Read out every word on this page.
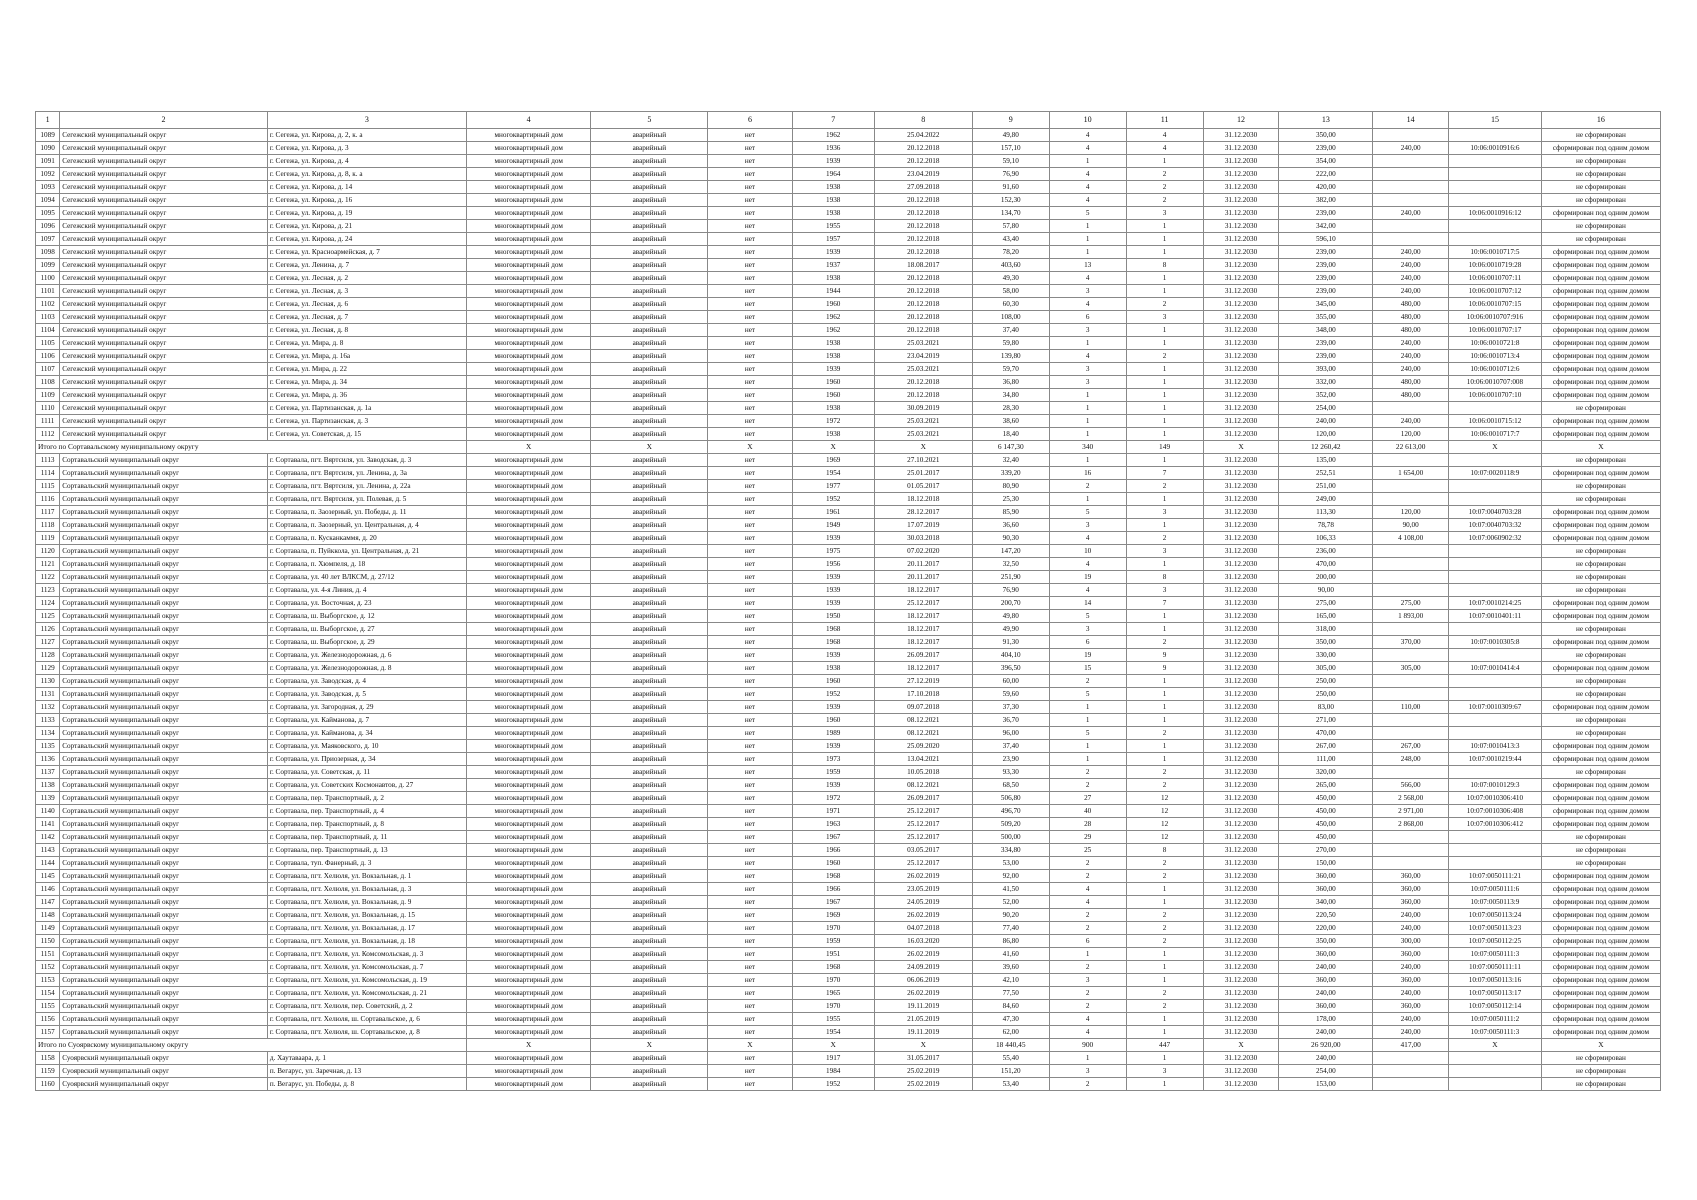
1	2	3	4	5	6	7	8	9	10	11	12	13	14	15	16
1089	Сегежский муниципальный округ	г. Сегежа, ул. Кирова, д. 2, к. а	многоквартирный дом	аварийный	нет	1962	25.04.2022	49,80	4	4	31.12.2030	350,00			не сформирован
1090	Сегежский муниципальный округ	г. Сегежа, ул. Кирова, д. 3	многоквартирный дом	аварийный	нет	1936	20.12.2018	157,10	4	4	31.12.2030	239,00	240,00	10:06:0010916:6	сформирован под одним домом
1091	Сегежский муниципальный округ	г. Сегежа, ул. Кирова, д. 4	многоквартирный дом	аварийный	нет	1939	20.12.2018	59,10	1	1	31.12.2030	354,00			не сформирован
1092	Сегежский муниципальный округ	г. Сегежа, ул. Кирова, д. 8, к. а	многоквартирный дом	аварийный	нет	1964	23.04.2019	76,90	4	2	31.12.2030	222,00			не сформирован
1093	Сегежский муниципальный округ	г. Сегежа, ул. Кирова, д. 14	многоквартирный дом	аварийный	нет	1938	27.09.2018	91,60	4	2	31.12.2030	420,00			не сформирован
1094	Сегежский муниципальный округ	г. Сегежа, ул. Кирова, д. 16	многоквартирный дом	аварийный	нет	1938	20.12.2018	152,30	4	2	31.12.2030	382,00			не сформирован
1095	Сегежский муниципальный округ	г. Сегежа, ул. Кирова, д. 19	многоквартирный дом	аварийный	нет	1938	20.12.2018	134,70	5	3	31.12.2030	239,00	240,00	10:06:0010916:12	сформирован под одним домом
1096	Сегежский муниципальный округ	г. Сегежа, ул. Кирова, д. 21	многоквартирный дом	аварийный	нет	1955	20.12.2018	57,80	1	1	31.12.2030	342,00			не сформирован
1097	Сегежский муниципальный округ	г. Сегежа, ул. Кирова, д. 24	многоквартирный дом	аварийный	нет	1957	20.12.2018	43,40	1	1	31.12.2030	596,10			не сформирован
1098	Сегежский муниципальный округ	г. Сегежа, ул. Красноармейская, д. 7	многоквартирный дом	аварийный	нет	1939	20.12.2018	78,20	1	1	31.12.2030	239,00	240,00	10:06:0010717:5	сформирован под одним домом
1099	Сегежский муниципальный округ	г. Сегежа, ул. Ленина, д. 7	многоквартирный дом	аварийный	нет	1937	18.08.2017	403,60	13	8	31.12.2030	239,00	240,00	10:06:0010719:28	сформирован под одним домом
1100	Сегежский муниципальный округ	г. Сегежа, ул. Лесная, д. 2	многоквартирный дом	аварийный	нет	1938	20.12.2018	49,30	4	1	31.12.2030	239,00	240,00	10:06:0010707:11	сформирован под одним домом
1101	Сегежский муниципальный округ	г. Сегежа, ул. Лесная, д. 3	многоквартирный дом	аварийный	нет	1944	20.12.2018	58,00	3	1	31.12.2030	239,00	240,00	10:06:0010707:12	сформирован под одним домом
1102	Сегежский муниципальный округ	г. Сегежа, ул. Лесная, д. 6	многоквартирный дом	аварийный	нет	1960	20.12.2018	60,30	4	2	31.12.2030	345,00	480,00	10:06:0010707:15	сформирован под одним домом
1103	Сегежский муниципальный округ	г. Сегежа, ул. Лесная, д. 7	многоквартирный дом	аварийный	нет	1962	20.12.2018	108,00	6	3	31.12.2030	355,00	480,00	10:06:0010707:916	сформирован под одним домом
1104	Сегежский муниципальный округ	г. Сегежа, ул. Лесная, д. 8	многоквартирный дом	аварийный	нет	1962	20.12.2018	37,40	3	1	31.12.2030	348,00	480,00	10:06:0010707:17	сформирован под одним домом
1105	Сегежский муниципальный округ	г. Сегежа, ул. Мира, д. 8	многоквартирный дом	аварийный	нет	1938	25.03.2021	59,80	1	1	31.12.2030	239,00	240,00	10:06:0010721:8	сформирован под одним домом
1106	Сегежский муниципальный округ	г. Сегежа, ул. Мира, д. 16а	многоквартирный дом	аварийный	нет	1938	23.04.2019	139,80	4	2	31.12.2030	239,00	240,00	10:06:0010713:4	сформирован под одним домом
1107	Сегежский муниципальный округ	г. Сегежа, ул. Мира, д. 22	многоквартирный дом	аварийный	нет	1939	25.03.2021	59,70	3	1	31.12.2030	393,00	240,00	10:06:0010712:6	сформирован под одним домом
1108	Сегежский муниципальный округ	г. Сегежа, ул. Мира, д. 34	многоквартирный дом	аварийный	нет	1960	20.12.2018	36,80	3	1	31.12.2030	332,00	480,00	10:06:0010707:008	сформирован под одним домом
1109	Сегежский муниципальный округ	г. Сегежа, ул. Мира, д. 36	многоквартирный дом	аварийный	нет	1960	20.12.2018	34,80	1	1	31.12.2030	352,00	480,00	10:06:0010707:10	сформирован под одним домом
1110	Сегежский муниципальный округ	г. Сегежа, ул. Партизанская, д. 1а	многоквартирный дом	аварийный	нет	1938	30.09.2019	28,30	1	1	31.12.2030	254,00			не сформирован
1111	Сегежский муниципальный округ	г. Сегежа, ул. Партизанская, д. 3	многоквартирный дом	аварийный	нет	1972	25.03.2021	38,60	1	1	31.12.2030	240,00	240,00	10:06:0010715:12	сформирован под одним домом
1112	Сегежский муниципальный округ	г. Сегежа, ул. Советская, д. 15	многоквартирный дом	аварийный	нет	1938	25.03.2021	18,40	1	1	31.12.2030	120,00	120,00	10:06:0010717:7	сформирован под одним домом
Итого по Сортавальскому муниципальному округу			X	X	X	X	X	6 147,30	340	149	X	12 260,42	22 613,00	X	X
1113	Сортавальский муниципальный округ	г. Сортавала, пгт. Вяртсиля, ул. Заводская, д. 3	многоквартирный дом	аварийный	нет	1969	27.10.2021	32,40	1	1	31.12.2030	135,00			не сформирован
1114	Сортавальский муниципальный округ	г. Сортавала, пгт. Вяртсиля, ул. Ленина, д. 3а	многоквартирный дом	аварийный	нет	1954	25.01.2017	339,20	16	7	31.12.2030	252,51	1 654,00	10:07:0020118:9	сформирован под одним домом
1115	Сортавальский муниципальный округ	г. Сортавала, пгт. Вяртсиля, ул. Ленина, д. 22а	многоквартирный дом	аварийный	нет	1977	01.05.2017	80,90	2	2	31.12.2030	251,00			не сформирован
1116	Сортавальский муниципальный округ	г. Сортавала, пгт. Вяртсиля, ул. Полевая, д. 5	многоквартирный дом	аварийный	нет	1952	18.12.2018	25,30	1	1	31.12.2030	249,00			не сформирован
1117	Сортавальский муниципальный округ	г. Сортавала, п. Заозерный, ул. Победы, д. 11	многоквартирный дом	аварийный	нет	1961	28.12.2017	85,90	5	3	31.12.2030	113,30	120,00	10:07:0040703:28	сформирован под одним домом
1118	Сортавальский муниципальный округ	г. Сортавала, п. Заозерный, ул. Центральная, д. 4	многоквартирный дом	аварийный	нет	1949	17.07.2019	36,60	3	1	31.12.2030	78,78	90,00	10:07:0040703:32	сформирован под одним домом
1119	Сортавальский муниципальный округ	г. Сортавала, п. Кусканкаммя, д. 20	многоквартирный дом	аварийный	нет	1939	30.03.2018	90,30	4	2	31.12.2030	106,33	4 108,00	10:07:0060902:32	сформирован под одним домом
1120	Сортавальский муниципальный округ	г. Сортавала, п. Пуйккола, ул. Центральная, д. 21	многоквартирный дом	аварийный	нет	1975	07.02.2020	147,20	10	3	31.12.2030	236,00			не сформирован
1121	Сортавальский муниципальный округ	г. Сортавала, п. Хюмпеля, д. 18	многоквартирный дом	аварийный	нет	1956	20.11.2017	32,50	4	1	31.12.2030	470,00			не сформирован
1122	Сортавальский муниципальный округ	г. Сортавала, ул. 40 лет ВЛКСМ, д. 27/12	многоквартирный дом	аварийный	нет	1939	20.11.2017	251,90	19	8	31.12.2030	200,00			не сформирован
1123	Сортавальский муниципальный округ	г. Сортавала, ул. 4-я Линия, д. 4	многоквартирный дом	аварийный	нет	1939	18.12.2017	76,90	4	3	31.12.2030	90,00			не сформирован
1124	Сортавальский муниципальный округ	г. Сортавала, ул. Восточная, д. 23	многоквартирный дом	аварийный	нет	1939	25.12.2017	200,70	14	7	31.12.2030	275,00	275,00	10:07:0010214:25	сформирован под одним домом
1125	Сортавальский муниципальный округ	г. Сортавала, ш. Выборгское, д. 12	многоквартирный дом	аварийный	нет	1950	18.12.2017	49,80	5	1	31.12.2030	165,00	1 893,00	10:07:0010401:11	сформирован под одним домом
1126	Сортавальский муниципальный округ	г. Сортавала, ш. Выборгское, д. 27	многоквартирный дом	аварийный	нет	1968	18.12.2017	49,90	3	1	31.12.2030	318,00			не сформирован
1127	Сортавальский муниципальный округ	г. Сортавала, ш. Выборгское, д. 29	многоквартирный дом	аварийный	нет	1968	18.12.2017	91,30	6	2	31.12.2030	350,00	370,00	10:07:0010305:8	сформирован под одним домом
1128	Сортавальский муниципальный округ	г. Сортавала, ул. Железнодорожная, д. 6	многоквартирный дом	аварийный	нет	1939	26.09.2017	404,10	19	9	31.12.2030	330,00			не сформирован
1129	Сортавальский муниципальный округ	г. Сортавала, ул. Железнодорожная, д. 8	многоквартирный дом	аварийный	нет	1938	18.12.2017	396,50	15	9	31.12.2030	305,00	305,00	10:07:0010414:4	сформирован под одним домом
1130	Сортавальский муниципальный округ	г. Сортавала, ул. Заводская, д. 4	многоквартирный дом	аварийный	нет	1960	27.12.2019	60,00	2	1	31.12.2030	250,00			не сформирован
1131	Сортавальский муниципальный округ	г. Сортавала, ул. Заводская, д. 5	многоквартирный дом	аварийный	нет	1952	17.10.2018	59,60	5	1	31.12.2030	250,00			не сформирован
1132	Сортавальский муниципальный округ	г. Сортавала, ул. Загородная, д. 29	многоквартирный дом	аварийный	нет	1939	09.07.2018	37,30	1	1	31.12.2030	83,00	110,00	10:07:0010309:67	сформирован под одним домом
1133	Сортавальский муниципальный округ	г. Сортавала, ул. Кайманова, д. 7	многоквартирный дом	аварийный	нет	1960	08.12.2021	36,70	1	1	31.12.2030	271,00			не сформирован
1134	Сортавальский муниципальный округ	г. Сортавала, ул. Кайманова, д. 34	многоквартирный дом	аварийный	нет	1989	08.12.2021	96,00	5	2	31.12.2030	470,00			не сформирован
1135	Сортавальский муниципальный округ	г. Сортавала, ул. Маяковского, д. 10	многоквартирный дом	аварийный	нет	1939	25.09.2020	37,40	1	1	31.12.2030	267,00	267,00	10:07:0010413:3	сформирован под одним домом
1136	Сортавальский муниципальный округ	г. Сортавала, ул. Приозерная, д. 34	многоквартирный дом	аварийный	нет	1973	13.04.2021	23,90	1	1	31.12.2030	111,00	248,00	10:07:0010219:44	сформирован под одним домом
1137	Сортавальский муниципальный округ	г. Сортавала, ул. Советская, д. 11	многоквартирный дом	аварийный	нет	1959	10.05.2018	93,30	2	2	31.12.2030	320,00			не сформирован
1138	Сортавальский муниципальный округ	г. Сортавала, ул. Советских Космонавтов, д. 27	многоквартирный дом	аварийный	нет	1939	08.12.2021	68,50	2	2	31.12.2030	265,00	566,00	10:07:0010129:3	сформирован под одним домом
1139	Сортавальский муниципальный округ	г. Сортавала, пер. Транспортный, д. 2	многоквартирный дом	аварийный	нет	1972	26.09.2017	506,80	27	12	31.12.2030	450,00	2 568,00	10:07:0010306:410	сформирован под одним домом
1140	Сортавальский муниципальный округ	г. Сортавала, пер. Транспортный, д. 4	многоквартирный дом	аварийный	нет	1971	25.12.2017	496,70	40	12	31.12.2030	450,00	2 971,00	10:07:0010306:408	сформирован под одним домом
1141	Сортавальский муниципальный округ	г. Сортавала, пер. Транспортный, д. 8	многоквартирный дом	аварийный	нет	1963	25.12.2017	509,20	28	12	31.12.2030	450,00	2 868,00	10:07:0010306:412	сформирован под одним домом
1142	Сортавальский муниципальный округ	г. Сортавала, пер. Транспортный, д. 11	многоквартирный дом	аварийный	нет	1967	25.12.2017	500,00	29	12	31.12.2030	450,00			не сформирован
1143	Сортавальский муниципальный округ	г. Сортавала, пер. Транспортный, д. 13	многоквартирный дом	аварийный	нет	1966	03.05.2017	334,80	25	8	31.12.2030	270,00			не сформирован
1144	Сортавальский муниципальный округ	г. Сортавала, туп. Фанерный, д. 3	многоквартирный дом	аварийный	нет	1960	25.12.2017	53,00	2	2	31.12.2030	150,00			не сформирован
1145	Сортавальский муниципальный округ	г. Сортавала, пгт. Хелюля, ул. Вокзальная, д. 1	многоквартирный дом	аварийный	нет	1968	26.02.2019	92,00	2	2	31.12.2030	360,00	360,00	10:07:0050111:21	сформирован под одним домом
1146	Сортавальский муниципальный округ	г. Сортавала, пгт. Хелюля, ул. Вокзальная, д. 3	многоквартирный дом	аварийный	нет	1966	23.05.2019	41,50	4	1	31.12.2030	360,00	360,00	10:07:0050111:6	сформирован под одним домом
1147	Сортавальский муниципальный округ	г. Сортавала, пгт. Хелюля, ул. Вокзальная, д. 9	многоквартирный дом	аварийный	нет	1967	24.05.2019	52,00	4	1	31.12.2030	340,00	360,00	10:07:0050113:9	сформирован под одним домом
1148	Сортавальский муниципальный округ	г. Сортавала, пгт. Хелюля, ул. Вокзальная, д. 15	многоквартирный дом	аварийный	нет	1969	26.02.2019	90,20	2	2	31.12.2030	220,50	240,00	10:07:0050113:24	сформирован под одним домом
1149	Сортавальский муниципальный округ	г. Сортавала, пгт. Хелюля, ул. Вокзальная, д. 17	многоквартирный дом	аварийный	нет	1970	04.07.2018	77,40	2	2	31.12.2030	220,00	240,00	10:07:0050113:23	сформирован под одним домом
1150	Сортавальский муниципальный округ	г. Сортавала, пгт. Хелюля, ул. Вокзальная, д. 18	многоквартирный дом	аварийный	нет	1959	16.03.2020	86,80	6	2	31.12.2030	350,00	300,00	10:07:0050112:25	сформирован под одним домом
1151	Сортавальский муниципальный округ	г. Сортавала, пгт. Хелюля, ул. Комсомольская, д. 3	многоквартирный дом	аварийный	нет	1951	26.02.2019	41,60	1	1	31.12.2030	360,00	360,00	10:07:0050111:3	сформирован под одним домом
1152	Сортавальский муниципальный округ	г. Сортавала, пгт. Хелюля, ул. Комсомольская, д. 7	многоквартирный дом	аварийный	нет	1968	24.09.2019	39,60	2	1	31.12.2030	240,00	240,00	10:07:0050111:11	сформирован под одним домом
1153	Сортавальский муниципальный округ	г. Сортавала, пгт. Хелюля, ул. Комсомольская, д. 19	многоквартирный дом	аварийный	нет	1970	06.06.2019	42,10	3	1	31.12.2030	360,00	360,00	10:07:0050113:16	сформирован под одним домом
1154	Сортавальский муниципальный округ	г. Сортавала, пгт. Хелюля, ул. Комсомольская, д. 21	многоквартирный дом	аварийный	нет	1965	26.02.2019	77,50	2	2	31.12.2030	240,00	240,00	10:07:0050113:17	сформирован под одним домом
1155	Сортавальский муниципальный округ	г. Сортавала, пгт. Хелюля, пер. Советский, д. 2	многоквартирный дом	аварийный	нет	1970	19.11.2019	84,60	2	2	31.12.2030	360,00	360,00	10:07:0050112:14	сформирован под одним домом
1156	Сортавальский муниципальный округ	г. Сортавала, пгт. Хелюля, ш. Сортавальское, д. 6	многоквартирный дом	аварийный	нет	1955	21.05.2019	47,30	4	1	31.12.2030	178,00	240,00	10:07:0050111:2	сформирован под одним домом
1157	Сортавальский муниципальный округ	г. Сортавала, пгт. Хелюля, ш. Сортавальское, д. 8	многоквартирный дом	аварийный	нет	1954	19.11.2019	62,00	4	1	31.12.2030	240,00	240,00	10:07:0050111:3	сформирован под одним домом
Итого по Суоярвскому муниципальному округу			X	X	X	X	X	18 440,45	900	447	X	26 920,00	417,00	X	X
1158	Суоярвский муниципальный округ	д. Хаутаваара, д. 1	многоквартирный дом	аварийный	нет	1917	31.05.2017	55,40	1	1	31.12.2030	240,00			не сформирован
1159	Суоярвский муниципальный округ	п. Вегарус, ул. Заречная, д. 13	многоквартирный дом	аварийный	нет	1984	25.02.2019	151,20	3	3	31.12.2030	254,00			не сформирован
1160	Суоярвский муниципальный округ	п. Вегарус, ул. Победы, д. 8	многоквартирный дом	аварийный	нет	1952	25.02.2019	53,40	2	1	31.12.2030	153,00			не сформирован
